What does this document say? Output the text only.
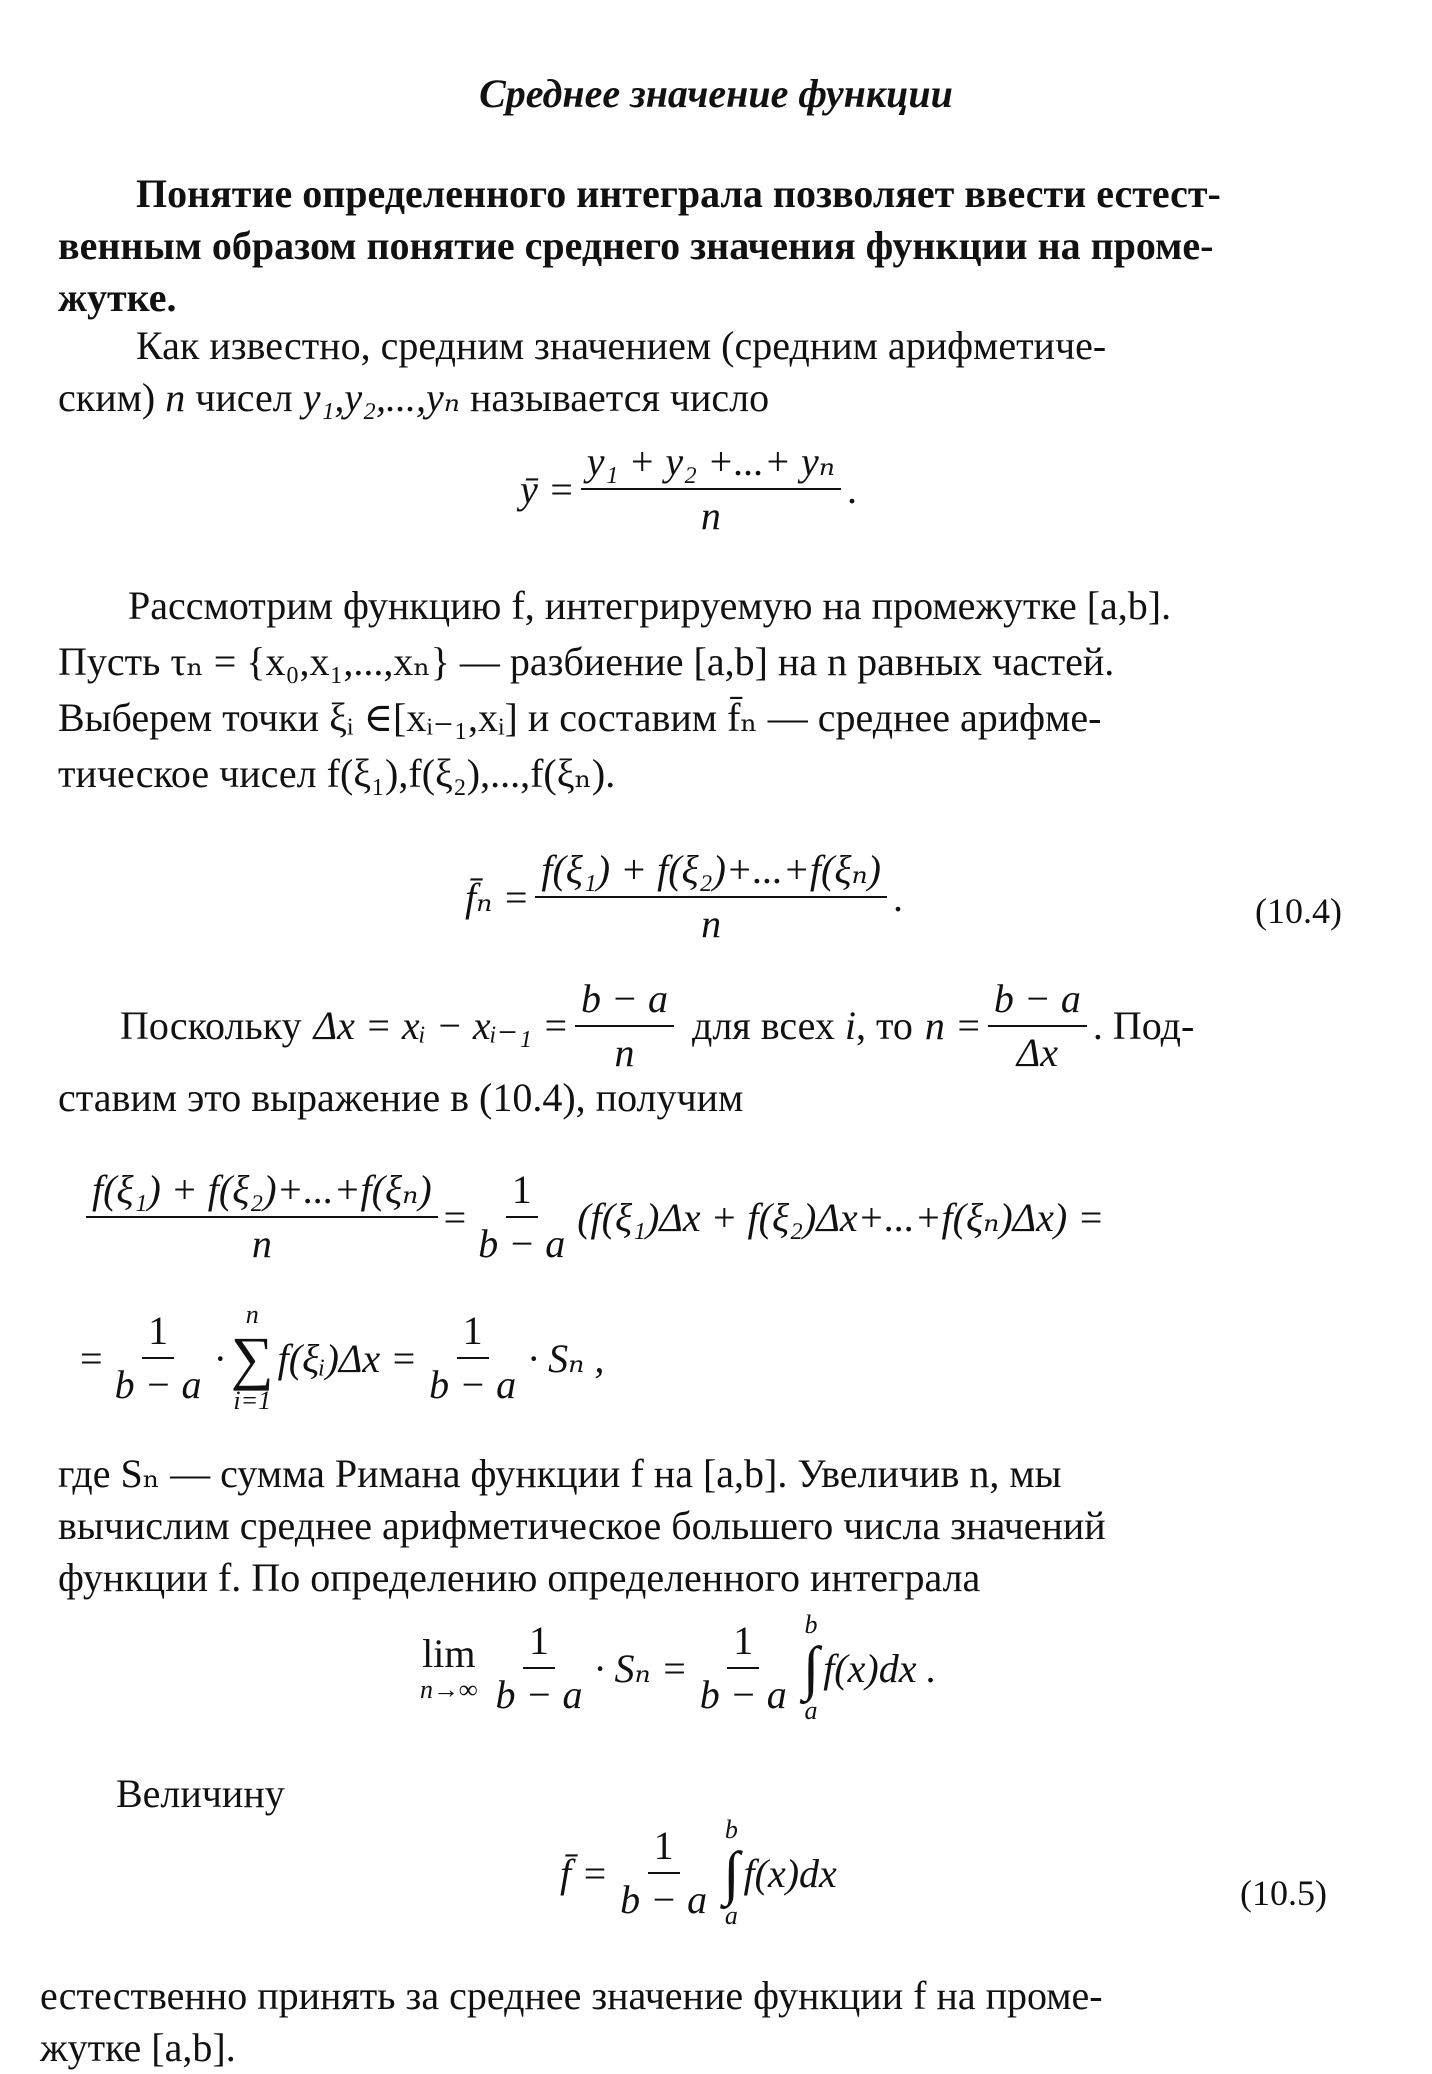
Среднее значение функции
Понятие определенного интеграла позволяет ввести естест-
венным образом понятие среднего значения функции на проме-
жутке.
Как известно, средним значением (средним арифметиче-
ским) n чисел y₁,y₂,...,yₙ называется число
ȳ = $\frac{\text{y₁ + y₂ +...+ yₙ}}{n}$ .
Рассмотрим функцию f, интегрируемую на промежутке [a,b].
Пусть τₙ = {x₀,x₁,...,xₙ} — разбиение [a,b] на n равных частей.
Выберем точки ξᵢ ∈[xᵢ₋₁,xᵢ] и составим f̄ₙ — среднее арифме-
тическое чисел f(ξ₁),f(ξ₂),...,f(ξₙ).
f̄ₙ = $\frac{\text{f(ξ₁) + f(ξ₂)+...+f(ξₙ)}}{n}$ .	(10.4)
Поскольку Δx = xᵢ − xᵢ₋₁ = $\frac{b - a}{n}$ для всех i , то $n = \frac{b - a}{\Delta x}$ . Под-
ставим это выражение в (10.4), получим
$\frac{\text{f(ξ₁) + f(ξ₂)+...+f(ξₙ)}}{n} = \frac{1}{b - a} (f(\xi_1)\Delta x + f(\xi_2)\Delta x+...+f(\xi_n)\Delta x)$ =
= $\frac{1}{b - a}$ ·
n
∑
i=1
f(ξᵢ)Δx = $\frac{1}{b - a} \cdot S_n$ ,
где Sₙ — сумма Римана функции f на [a,b]. Увеличив n, мы
вычислим среднее арифметическое большего числа значений
функции f. По определению определенного интеграла
lim
$n\to\infty \frac{1}{b - a} \cdot S_n = \frac{1}{b - a}$ b
∫
a
f(x)dx .
Величину
f̄ = $\frac{1}{b - a}$ b
∫
a
f(x)dx	(10.5)
естественно принять за среднее значение функции f на проме-
жутке [a,b].
